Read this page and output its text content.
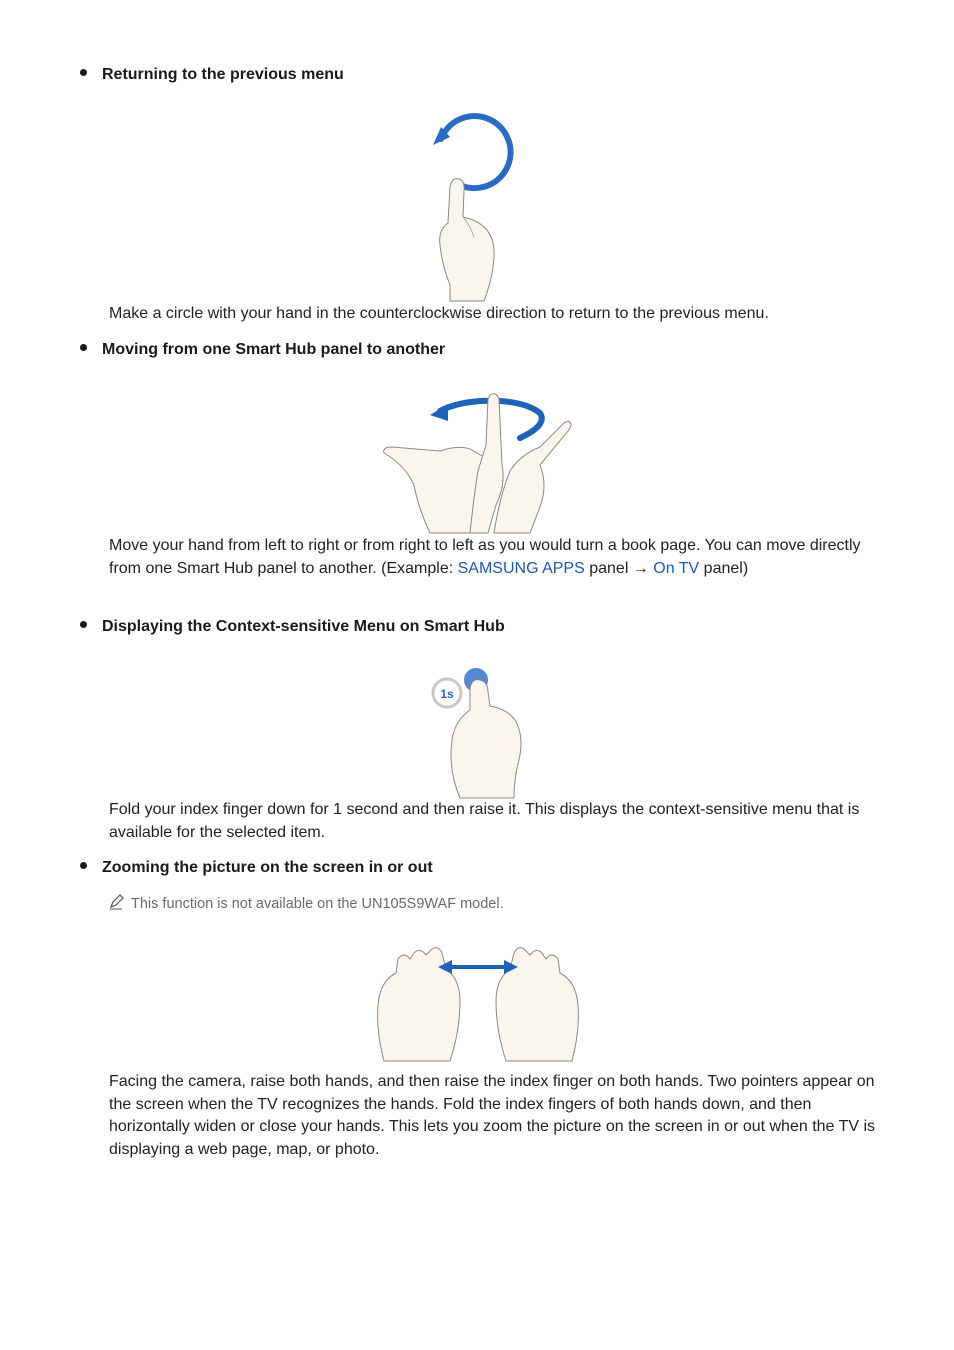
Returning to the previous menu
Make a circle with your hand in the counterclockwise direction to return to the previous menu.
Moving from one Smart Hub panel to another
Move your hand from left to right or from right to left as you would turn a book page. You can move directly from one Smart Hub panel to another. (Example: SAMSUNG APPS panel → On TV panel)
Displaying the Context-sensitive Menu on Smart Hub
1s
Fold your index finger down for 1 second and then raise it. This displays the context-sensitive menu that is available for the selected item.
Zooming the picture on the screen in or out
This function is not available on the UN105S9WAF model.
Facing the camera, raise both hands, and then raise the index finger on both hands. Two pointers appear on the screen when the TV recognizes the hands. Fold the index fingers of both hands down, and then horizontally widen or close your hands. This lets you zoom the picture on the screen in or out when the TV is displaying a web page, map, or photo.
